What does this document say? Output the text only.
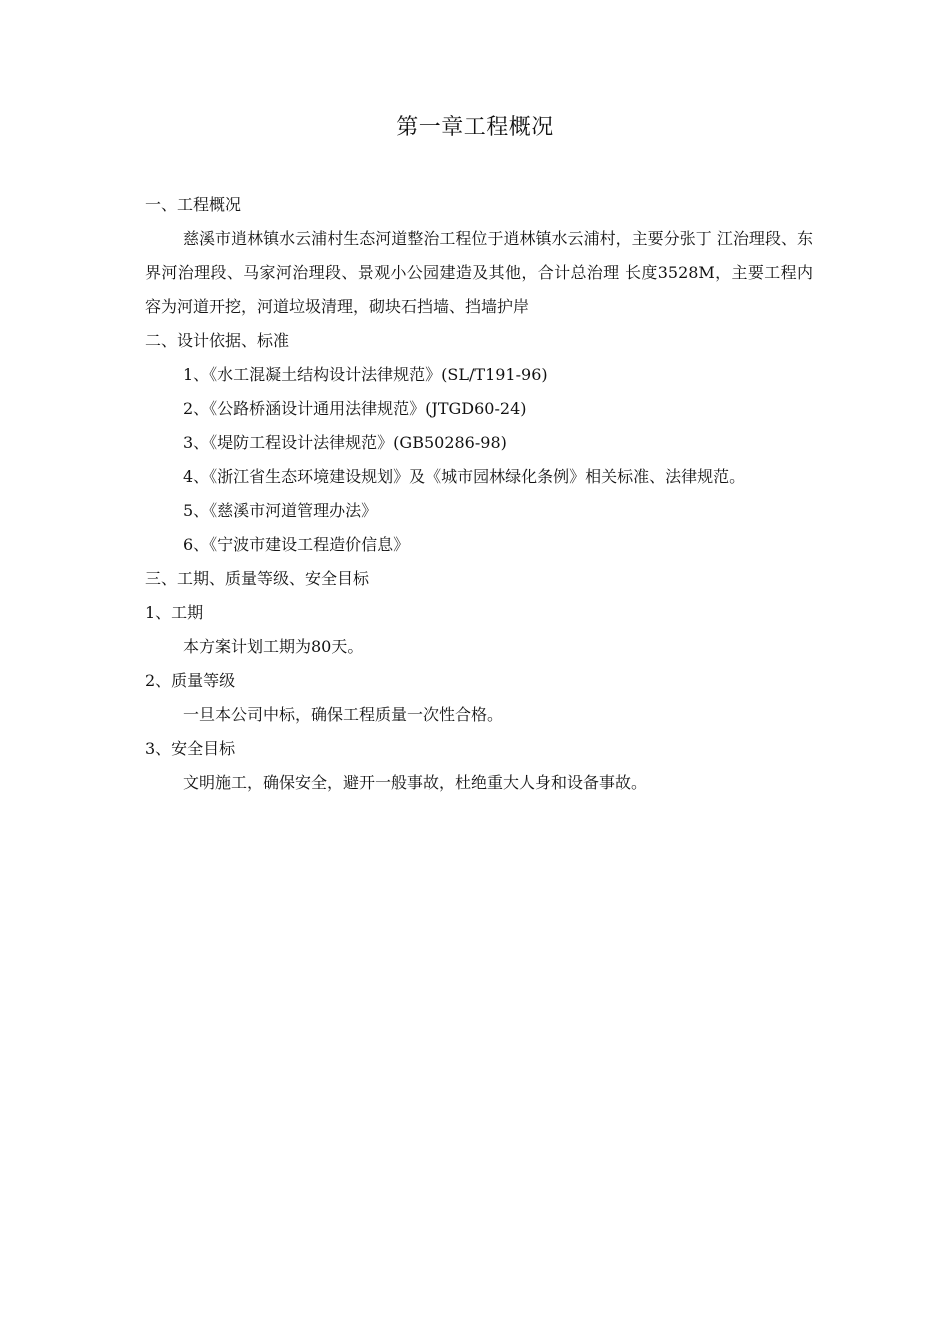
第一章工程概况
一、工程概况
慈溪市逍林镇水云浦村生态河道整治工程位于逍林镇水云浦村，主要分张丁 江治理段、东界河治理段、马家河治理段、景观小公园建造及其他，合计总治理 长度3528M，主要工程内容为河道开挖，河道垃圾清理，砌块石挡墙、挡墙护岸
二、设计依据、标准
1、《水工混凝土结构设计法律规范》(SL/T191-96)
2、《公路桥涵设计通用法律规范》(JTGD60-24)
3、《堤防工程设计法律规范》(GB50286-98)
4、《浙江省生态环境建设规划》及《城市园林绿化条例》相关标准、法律规范。
5、《慈溪市河道管理办法》
6、《宁波市建设工程造价信息》
三、工期、质量等级、安全目标
1、工期
本方案计划工期为80天。
2、质量等级
一旦本公司中标，确保工程质量一次性合格。
3、安全目标
文明施工，确保安全，避开一般事故，杜绝重大人身和设备事故。
